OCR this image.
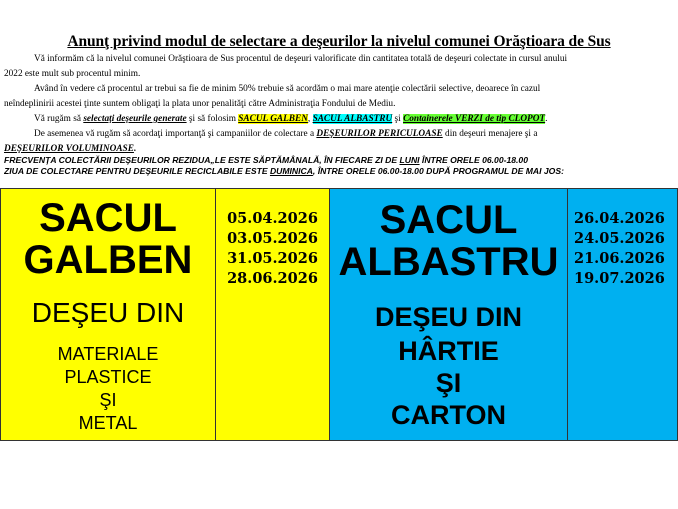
Anunţ privind modul de selectare a deşeurilor la nivelul comunei Orăştioara de Sus
Vă informăm că la nivelul comunei Orăştioara de Sus procentul de deşeuri valorificate din cantitatea totală de deşeuri colectate in cursul anului
2022 este mult sub procentul minim.
Având în vedere că procentul ar trebui sa fie de minim 50% trebuie să acordăm o mai mare atenţie colectării selective, deoarece în cazul
neîndeplinirii acestei ţinte suntem obligaţi la plata unor penalităţi către Administraţia Fondului de Mediu.
Vă rugăm să selectaţi deşeurile generate şi să folosim SACUL GALBEN, SACUL ALBASTRU şi Containerele VERZI de tip CLOPOT.
De asemenea vă rugăm să acordaţi importanţă şi campaniilor de colectare a DEŞEURILOR PERICULOASE din deşeuri menajere şi a
DEŞEURILOR VOLUMINOASE.
FRECVENŢA COLECTĂRII DEŞEURILOR REZIDUA„LE ESTE SĂPTĂMÂNALĂ, ÎN FIECARE ZI DE LUNI ÎNTRE ORELE 06.00-18.00
ZIUA DE COLECTARE PENTRU DEŞEURILE RECICLABILE ESTE DUMINICA, ÎNTRE ORELE 06.00-18.00 DUPĂ PROGRAMUL DE MAI JOS:
SACUL
GALBEN
DEŞEU DIN
MATERIALE
PLASTICE
ŞI
METAL
05.04.2026
03.05.2026
31.05.2026
28.06.2026
SACUL
ALBASTRU
DEŞEU DIN
HÂRTIE
ŞI
CARTON
26.04.2026
24.05.2026
21.06.2026
19.07.2026
